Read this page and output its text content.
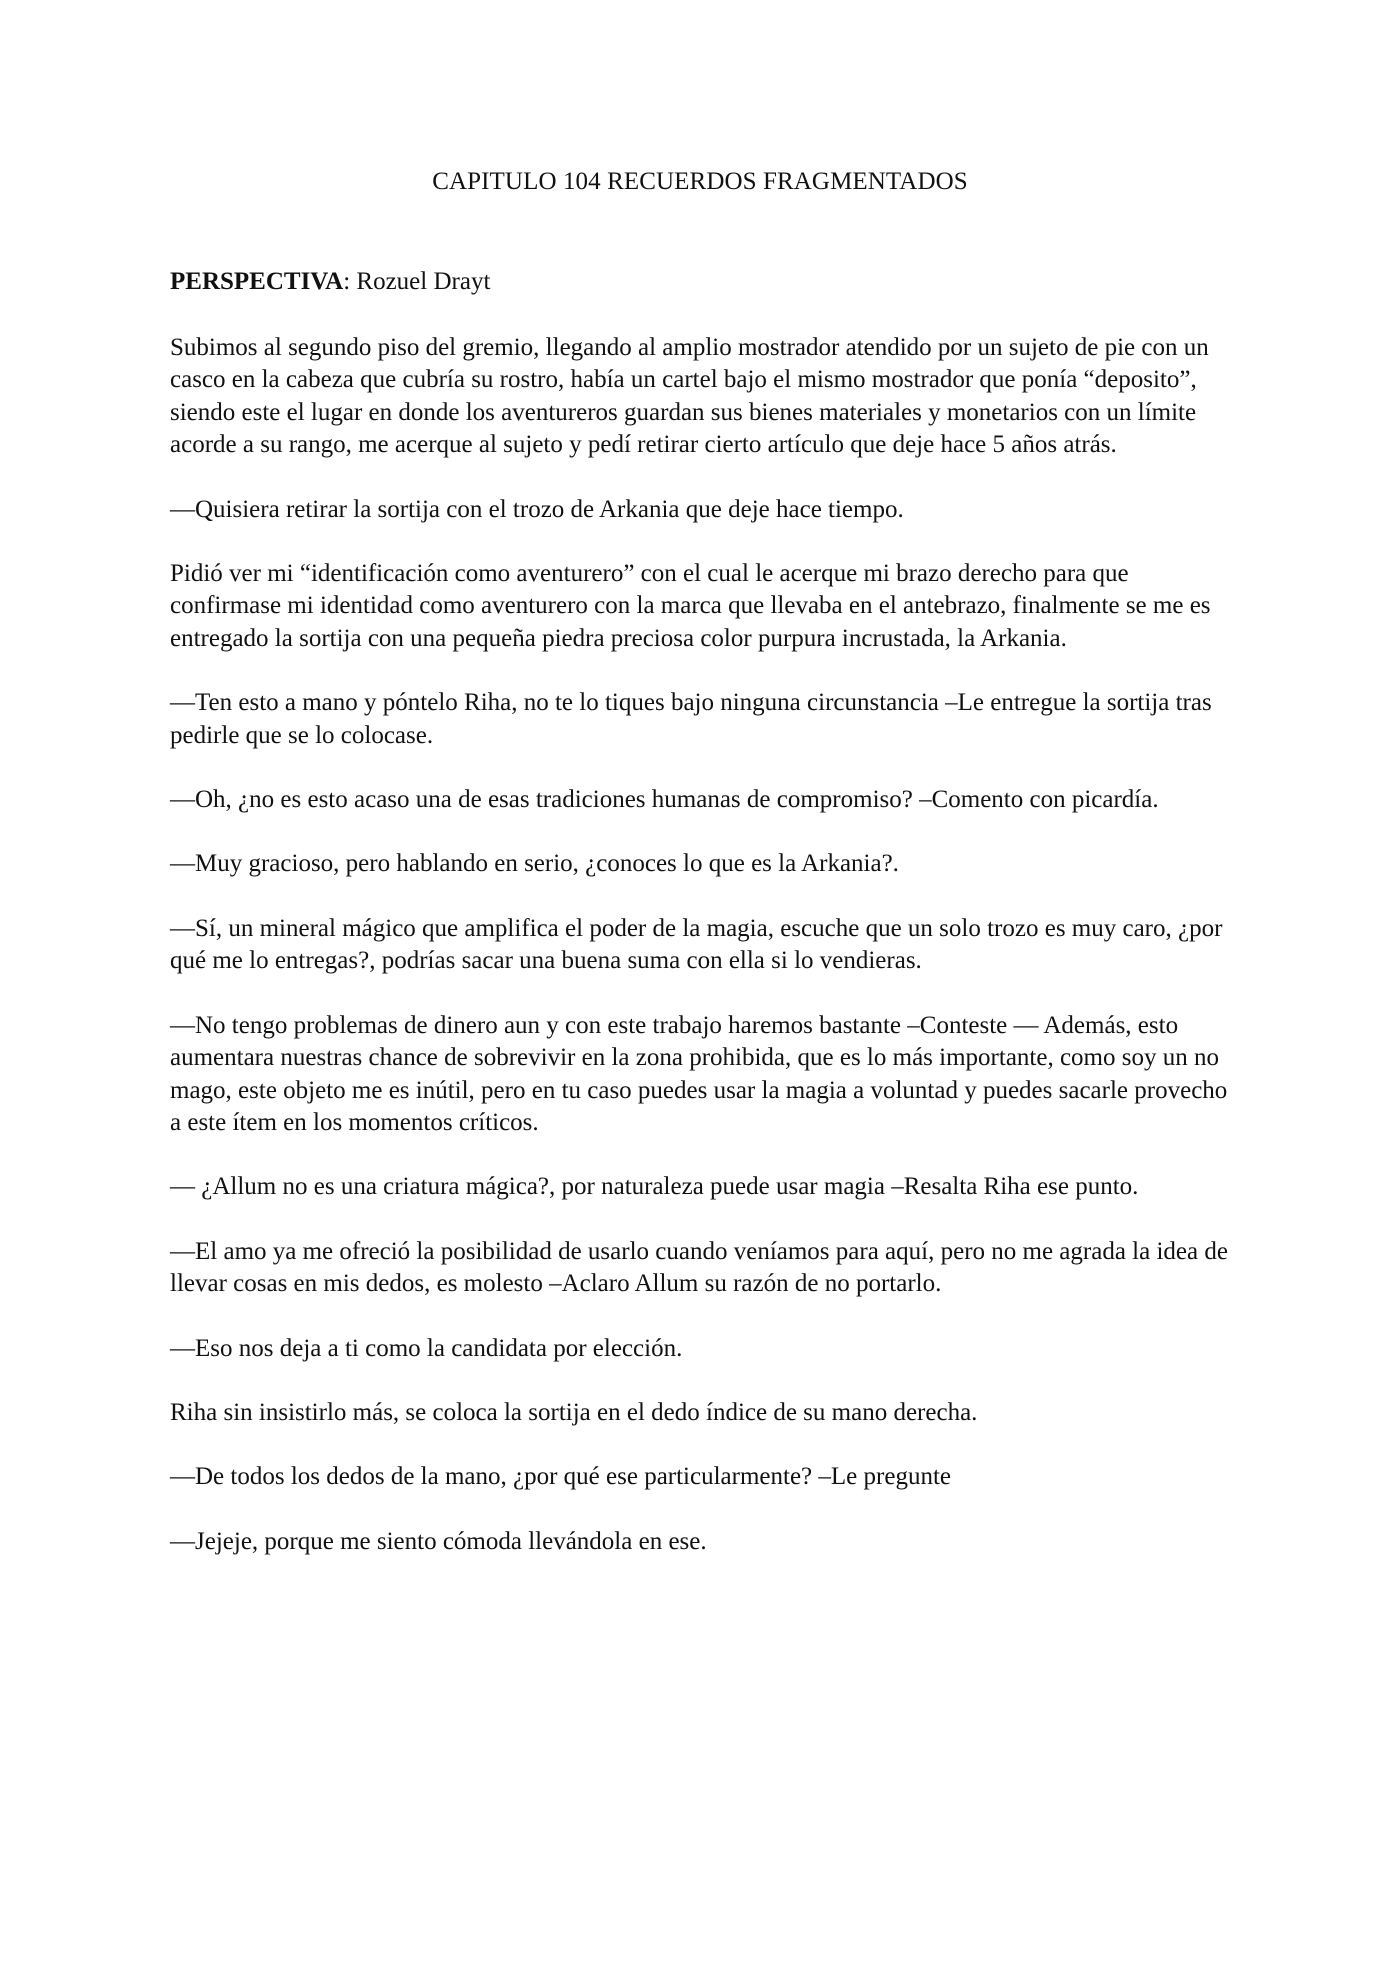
CAPITULO 104 RECUERDOS FRAGMENTADOS
PERSPECTIVA: Rozuel Drayt

Subimos al segundo piso del gremio, llegando al amplio mostrador atendido por un sujeto de pie con un casco en la cabeza que cubría su rostro, había un cartel bajo el mismo mostrador que ponía “deposito”, siendo este el lugar en donde los aventureros guardan sus bienes materiales y monetarios con un límite acorde a su rango, me acerque al sujeto y pedí retirar cierto artículo que deje hace 5 años atrás.

—Quisiera retirar la sortija con el trozo de Arkania que deje hace tiempo.

Pidió ver mi “identificación como aventurero” con el cual le acerque mi brazo derecho para que confirmase mi identidad como aventurero con la marca que llevaba en el antebrazo, finalmente se me es entregado la sortija con una pequeña piedra preciosa color purpura incrustada, la Arkania.

—Ten esto a mano y póntelo Riha, no te lo tiques bajo ninguna circunstancia –Le entregue la sortija tras pedirle que se lo colocase.

—Oh, ¿no es esto acaso una de esas tradiciones humanas de compromiso? –Comento con picardía.

—Muy gracioso, pero hablando en serio, ¿conoces lo que es la Arkania?.

—Sí, un mineral mágico que amplifica el poder de la magia, escuche que un solo trozo es muy caro, ¿por qué me lo entregas?, podrías sacar una buena suma con ella si lo vendieras.

—No tengo problemas de dinero aun y con este trabajo haremos bastante –Conteste — Además, esto aumentara nuestras chance de sobrevivir en la zona prohibida, que es lo más importante, como soy un no mago, este objeto me es inútil, pero en tu caso puedes usar la magia a voluntad y puedes sacarle provecho a este ítem en los momentos críticos.

— ¿Allum no es una criatura mágica?, por naturaleza puede usar magia –Resalta Riha ese punto.

—El amo ya me ofreció la posibilidad de usarlo cuando veníamos para aquí, pero no me agrada la idea de llevar cosas en mis dedos, es molesto –Aclaro Allum su razón de no portarlo.

—Eso nos deja a ti como la candidata por elección.

Riha sin insistirlo más, se coloca la sortija en el dedo índice de su mano derecha.

—De todos los dedos de la mano, ¿por qué ese particularmente? –Le pregunte

—Jejeje, porque me siento cómoda llevándola en ese.
